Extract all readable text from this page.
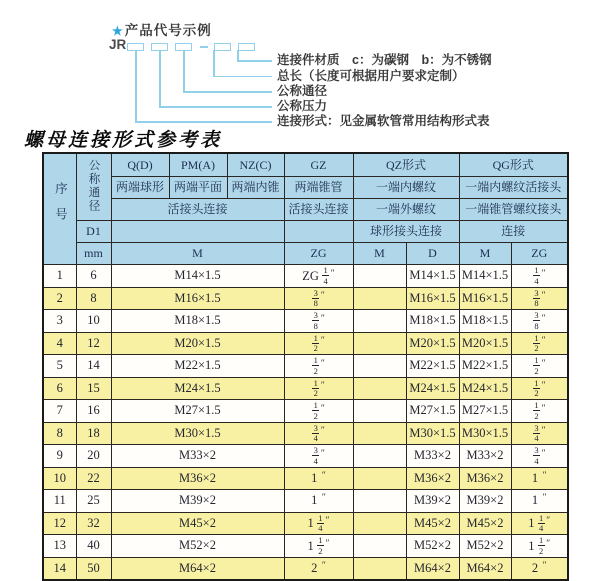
★ 产品代号示例
JR
连接件材质　c：为碳钢　b：为不锈钢
总长（长度可根据用户要求定制）
公称通径
公称压力
连接形式：见金属软管常用结构形式表
螺母连接形式参考表
序号	公称通径	Q(D)	PM(A)	NZ(C)	GZ	QZ形式		QG形式	
		两端球形	两端平面	两端内锥	两端锥管	一端内螺纹		一端内螺纹活接头	
		活接头连接			活接头连接	一端外螺纹		一端锥管螺纹接头	
	D1					球形接头连接		连接	
	mm	M			ZG	M	D	M	ZG
1	6	M14×1.5			ZG $\frac{1}{4} ''$		M14×1.5	M14×1.5	$\frac{1}{4} ''$
2	8	M16×1.5			$\frac{3}{8} ''$		M16×1.5	M16×1.5	$\frac{3}{8} ''$
3	10	M18×1.5			$\frac{3}{8} ''$		M18×1.5	M18×1.5	$\frac{3}{8} ''$
4	12	M20×1.5			$\frac{1}{2} ''$		M20×1.5	M20×1.5	$\frac{1}{2} ''$
5	14	M22×1.5			$\frac{1}{2} ''$		M22×1.5	M22×1.5	$\frac{1}{2} ''$
6	15	M24×1.5			$\frac{1}{2} ''$		M24×1.5	M24×1.5	$\frac{1}{2} ''$
7	16	M27×1.5			$\frac{1}{2} ''$		M27×1.5	M27×1.5	$\frac{1}{2} ''$
8	18	M30×1.5			$\frac{3}{4} ''$		M30×1.5	M30×1.5	$\frac{3}{4} ''$
9	20	M33×2			$\frac{3}{4} ''$		M33×2	M33×2	$\frac{3}{4} ''$
10	22	M36×2			1 ″		M36×2	M36×2	1 ″
11	25	M39×2			1 ″		M39×2	M39×2	1 ″
12	32	M45×2			$1 \frac{1}{4} ''$		M45×2	M45×2	$1 \frac{1}{4} ''$
13	40	M52×2			$1 \frac{1}{2} ''$		M52×2	M52×2	$1 \frac{1}{2} ''$
14	50	M64×2			2 ″		M64×2	M64×2	2 ″
